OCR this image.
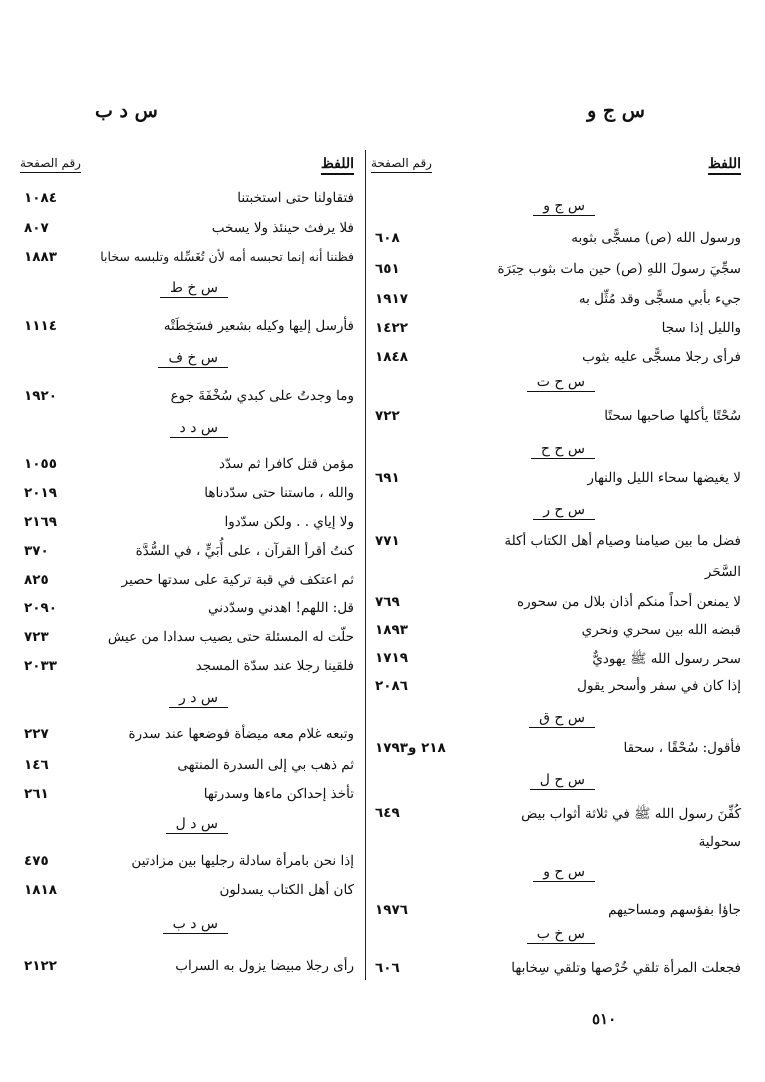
س ج و
س د ب
اللفظ
رقم الصفحة
س ج و
ورسول الله (ص) مسجًّى بثوبه
٦٠٨
سجِّيَ رسولَ اللهِ (ص) حين مات بثوب حِبَرَة
٦٥١
جيء بأبي مسجًّى وقد مُثِّل به
١٩١٧
والليل إذا سجا
١٤٢٢
فرأى رجلا مسجًّى عليه بثوب
١٨٤٨
س ح ت
سُحْتًا يأكلها صاحبها سحتًا
٧٢٢
س ح ح
لا يغيضها سحاء الليل والنهار
٦٩١
س ح ر
فضل ما بين صيامنا وصيام أهل الكتاب أكلة
٧٧١
السَّحَر
لا يمنعن أحداً منكم أذان بلال من سحوره
٧٦٩
قبضه الله بين سحري ونحري
١٨٩٣
سحر رسول الله ﷺ يهوديٌّ
١٧١٩
إذا كان في سفر وأسحر يقول
٢٠٨٦
س ح ق
فأقول: سُحْقًا ، سحقا
٢١٨ و١٧٩٣
س ح ل
كُفِّنَ رسول الله ﷺ في ثلاثة أثواب بيض
٦٤٩
سحولية
س ح و
جاؤا بفؤسهم ومساحيهم
١٩٧٦
س خ ب
فجعلت المرأة تلقي خُرْصها وتلقي سِخابها
٦٠٦
اللفظ
رقم الصفحة
فتقاولنا حتى استخبتنا
١٠٨٤
فلا يرفث حينئذ ولا يسخب
٨٠٧
فظننا أنه إنما تحبسه أمه لأن تُغَسِّله وتلبسه سخابا
١٨٨٣
س خ ط
فأرسل إليها وكيله بشعير فسَخِطَتْه
١١١٤
س خ ف
وما وجدتُ على كبدي سُخْفَةَ جوع
١٩٢٠
س د د
مؤمن قتل كافرا ثم سدّد
١٠٥٥
والله ، ماستنا حتى سدّدناها
٢٠١٩
ولا إياي . . ولكن سدّدوا
٢١٦٩
كنتُ أقرأ القرآن ، على أُبَيٍّ ، في السُّدَّة
٣٧٠
ثم اعتكف في قبة تركية على سدتها حصير
٨٢٥
قل: اللهم! اهدني وسدّدني
٢٠٩٠
حلّت له المسئلة حتى يصيب سدادا من عيش
٧٢٣
فلقينا رجلا عند سدّة المسجد
٢٠٣٣
س د ر
وتبعه غلام معه ميضأة فوضعها عند سدرة
٢٢٧
ثم ذهب بي إلى السدرة المنتهى
١٤٦
تأخذ إحداكن ماءها وسدرتها
٢٦١
س د ل
إذا نحن بامرأة سادلة رجليها بين مزادتين
٤٧٥
كان أهل الكتاب يسدلون
١٨١٨
س د ب
رأى رجلا مبيضا يزول به السراب
٢١٢٢
٥١٠
